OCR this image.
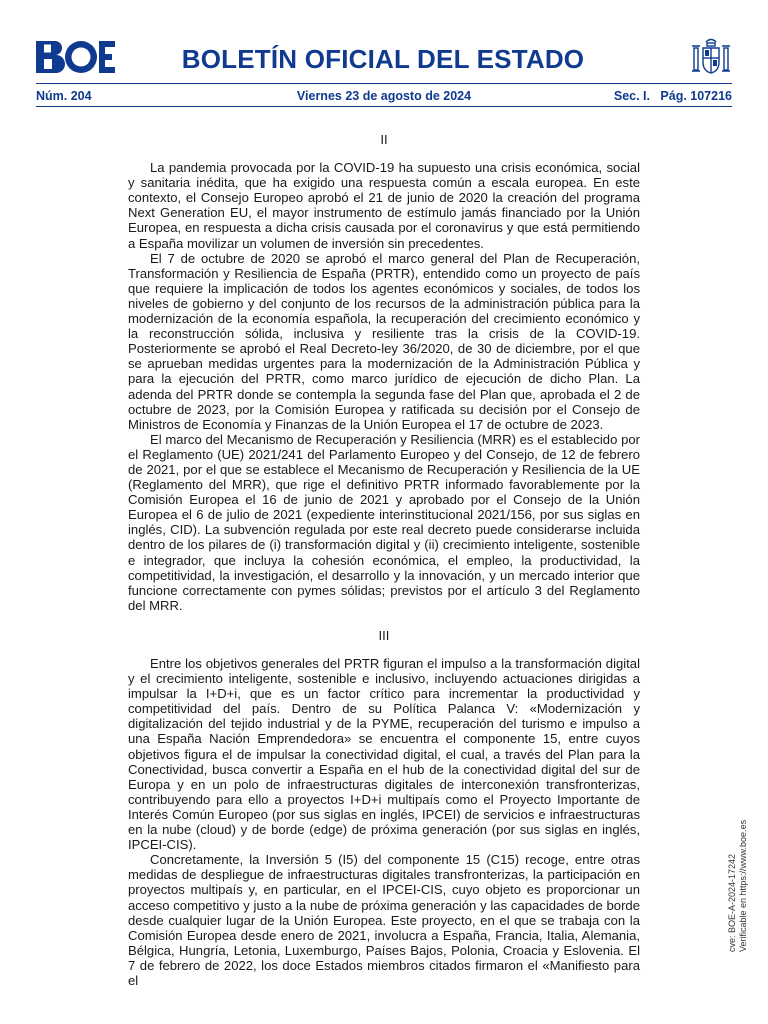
BOLETÍN OFICIAL DEL ESTADO
Núm. 204	Viernes 23 de agosto de 2024	Sec. I.   Pág. 107216
II

La pandemia provocada por la COVID-19 ha supuesto una crisis económica, social y sanitaria inédita, que ha exigido una respuesta común a escala europea. En este contexto, el Consejo Europeo aprobó el 21 de junio de 2020 la creación del programa Next Generation EU, el mayor instrumento de estímulo jamás financiado por la Unión Europea, en respuesta a dicha crisis causada por el coronavirus y que está permitiendo a España movilizar un volumen de inversión sin precedentes.

El 7 de octubre de 2020 se aprobó el marco general del Plan de Recuperación, Transformación y Resiliencia de España (PRTR), entendido como un proyecto de país que requiere la implicación de todos los agentes económicos y sociales, de todos los niveles de gobierno y del conjunto de los recursos de la administración pública para la modernización de la economía española, la recuperación del crecimiento económico y la reconstrucción sólida, inclusiva y resiliente tras la crisis de la COVID-19. Posteriormente se aprobó el Real Decreto-ley 36/2020, de 30 de diciembre, por el que se aprueban medidas urgentes para la modernización de la Administración Pública y para la ejecución del PRTR, como marco jurídico de ejecución de dicho Plan. La adenda del PRTR donde se contempla la segunda fase del Plan que, aprobada el 2 de octubre de 2023, por la Comisión Europea y ratificada su decisión por el Consejo de Ministros de Economía y Finanzas de la Unión Europea el 17 de octubre de 2023.

El marco del Mecanismo de Recuperación y Resiliencia (MRR) es el establecido por el Reglamento (UE) 2021/241 del Parlamento Europeo y del Consejo, de 12 de febrero de 2021, por el que se establece el Mecanismo de Recuperación y Resiliencia de la UE (Reglamento del MRR), que rige el definitivo PRTR informado favorablemente por la Comisión Europea el 16 de junio de 2021 y aprobado por el Consejo de la Unión Europea el 6 de julio de 2021 (expediente interinstitucional 2021/156, por sus siglas en inglés, CID). La subvención regulada por este real decreto puede considerarse incluida dentro de los pilares de (i) transformación digital y (ii) crecimiento inteligente, sostenible e integrador, que incluya la cohesión económica, el empleo, la productividad, la competitividad, la investigación, el desarrollo y la innovación, y un mercado interior que funcione correctamente con pymes sólidas; previstos por el artículo 3 del Reglamento del MRR.

III

Entre los objetivos generales del PRTR figuran el impulso a la transformación digital y el crecimiento inteligente, sostenible e inclusivo, incluyendo actuaciones dirigidas a impulsar la I+D+i, que es un factor crítico para incrementar la productividad y competitividad del país. Dentro de su Política Palanca V: «Modernización y digitalización del tejido industrial y de la PYME, recuperación del turismo e impulso a una España Nación Emprendedora» se encuentra el componente 15, entre cuyos objetivos figura el de impulsar la conectividad digital, el cual, a través del Plan para la Conectividad, busca convertir a España en el hub de la conectividad digital del sur de Europa y en un polo de infraestructuras digitales de interconexión transfronterizas, contribuyendo para ello a proyectos I+D+i multipaís como el Proyecto Importante de Interés Común Europeo (por sus siglas en inglés, IPCEI) de servicios e infraestructuras en la nube (cloud) y de borde (edge) de próxima generación (por sus siglas en inglés, IPCEI-CIS).

Concretamente, la Inversión 5 (I5) del componente 15 (C15) recoge, entre otras medidas de despliegue de infraestructuras digitales transfronterizas, la participación en proyectos multipaís y, en particular, en el IPCEI-CIS, cuyo objeto es proporcionar un acceso competitivo y justo a la nube de próxima generación y las capacidades de borde desde cualquier lugar de la Unión Europea. Este proyecto, en el que se trabaja con la Comisión Europea desde enero de 2021, involucra a España, Francia, Italia, Alemania, Bélgica, Hungría, Letonia, Luxemburgo, Países Bajos, Polonia, Croacia y Eslovenia. El 7 de febrero de 2022, los doce Estados miembros citados firmaron el «Manifiesto para el

cve: BOE-A-2024-17242 Verificable en https://www.boe.es
